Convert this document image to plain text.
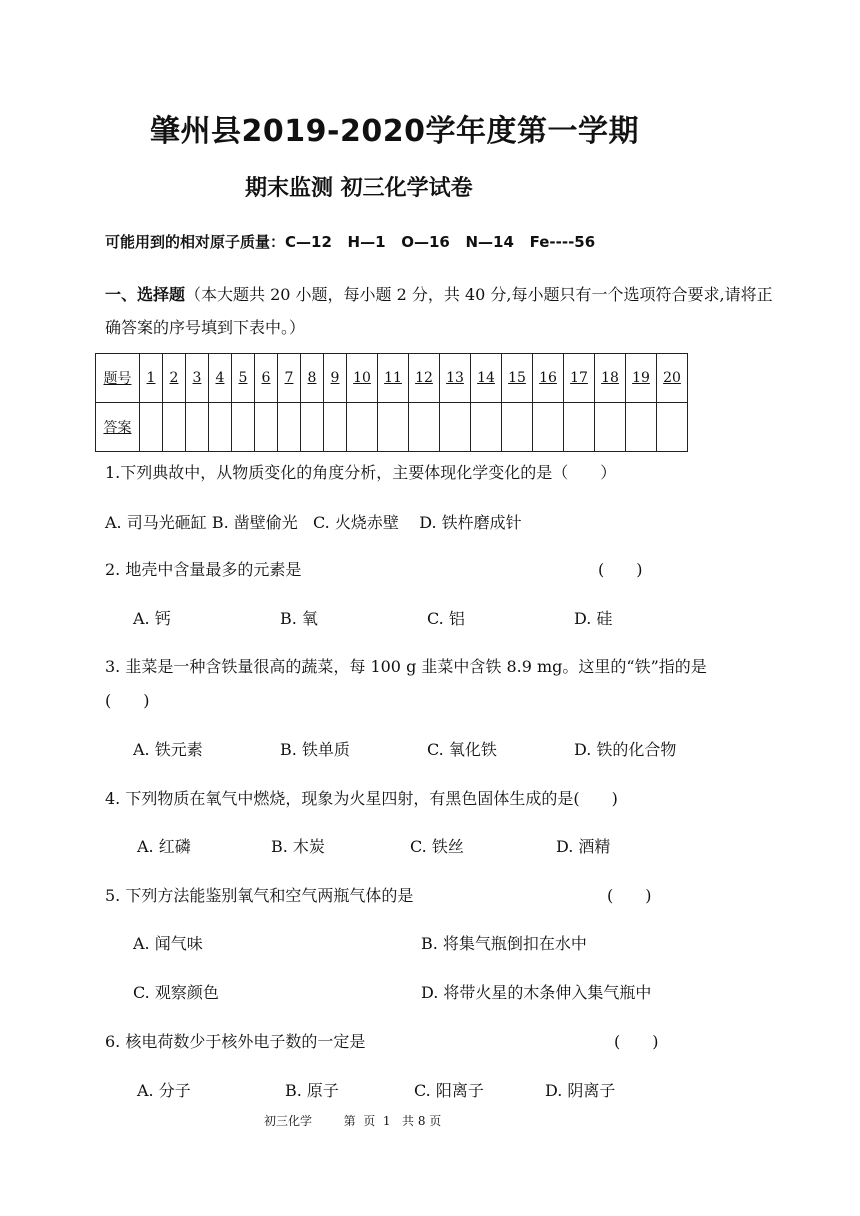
肇州县2019-2020学年度第一学期
期末监测 初三化学试卷
可能用到的相对原子质量：C—12   H—1   O—16   N—14   Fe----56
一、选择题（本大题共 20 小题，每小题 2 分，共 40 分,每小题只有一个选项符合要求,请将正确答案的序号填到下表中。）
题号	1	2	3	4	5	6	7	8	9	10	11	12	13	14	15	16	17	18	19	20
答案																				
1.下列典故中，从物质变化的角度分析，主要体现化学变化的是（　　）
A. 司马光砸缸 B. 凿壁偷光   C. 火烧赤壁    D. 铁杵磨成针
2. 地壳中含量最多的元素是	(　　)
A. 钙	B. 氧	C. 铝	D. 硅
3. 韭菜是一种含铁量很高的蔬菜，每 100 g 韭菜中含铁 8.9 mg。这里的“铁”指的是
(　　)
A. 铁元素	B. 铁单质	C. 氧化铁	D. 铁的化合物
4. 下列物质在氧气中燃烧，现象为火星四射，有黑色固体生成的是(　　)
A. 红磷	B. 木炭	C. 铁丝	D. 酒精
5. 下列方法能鉴别氧气和空气两瓶气体的是	(　　)
A. 闻气味	B. 将集气瓶倒扣在水中
C. 观察颜色	D. 将带火星的木条伸入集气瓶中
6. 核电荷数少于核外电子数的一定是	(　　)
A. 分子	B. 原子	C. 阳离子	D. 阴离子
初三化学	第  页  1   共 8 页
